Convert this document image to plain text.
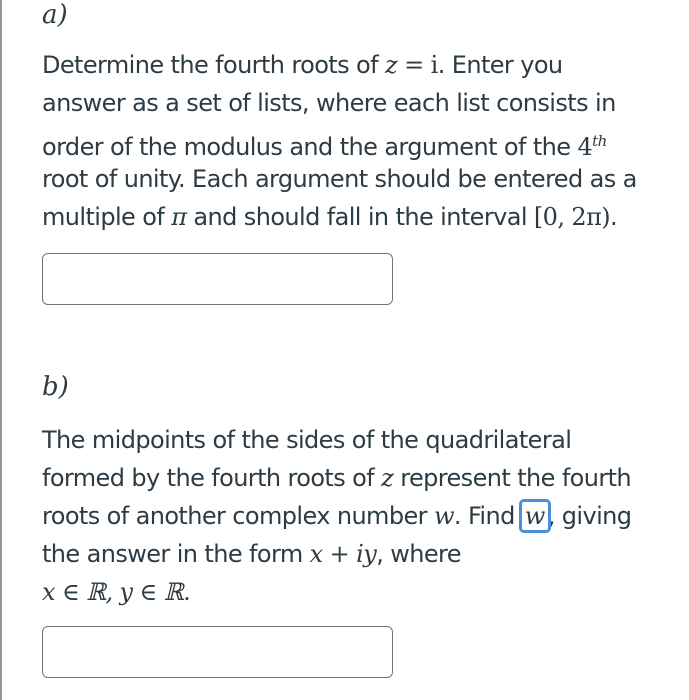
a)
Determine the fourth roots of z = i. Enter you
answer as a set of lists, where each list consists in
order of the modulus and the argument of the 4th
root of unity. Each argument should be entered as a
multiple of π and should fall in the interval [0, 2π).
b)
The midpoints of the sides of the quadrilateral
formed by the fourth roots of z represent the fourth
roots of another complex number w. Find w , giving
the answer in the form x + iy, where
x ∈ ℝ, y ∈ ℝ.
